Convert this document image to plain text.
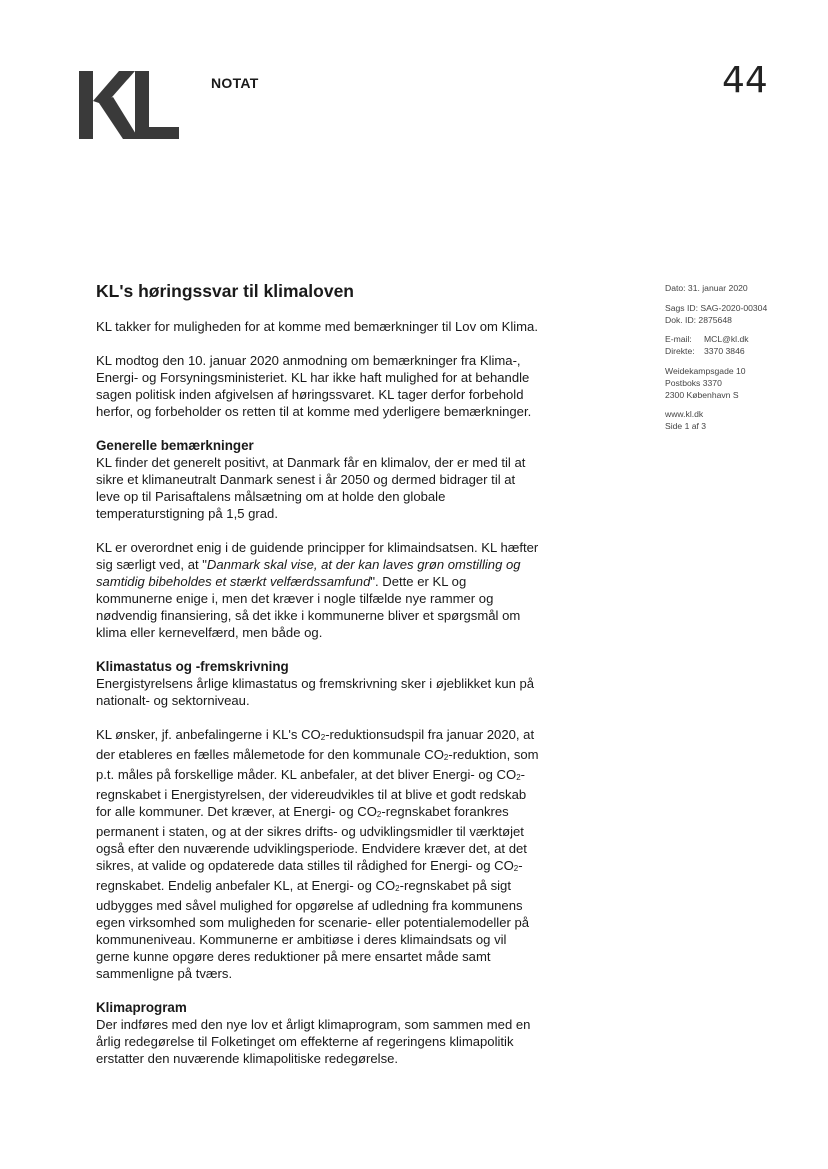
NOTAT	44
KL's høringssvar til klimaloven	Dato: 31. januar 2020
Sags ID: SAG-2020-00304
Dok. ID: 2875648
E-mail: MCL@kl.dk
Direkte: 3370 3846
Weidekampsgade 10
Postboks 3370
2300 København S
www.kl.dk
Side 1 af 3

KL takker for muligheden for at komme med bemærkninger til Lov om Klima.

KL modtog den 10. januar 2020 anmodning om bemærkninger fra Klima-,
Energi- og Forsyningsministeriet. KL har ikke haft mulighed for at behandle
sagen politisk inden afgivelsen af høringssvaret. KL tager derfor forbehold
herfor, og forbeholder os retten til at komme med yderligere bemærkninger.

Generelle bemærkninger

KL finder det generelt positivt, at Danmark får en klimalov, der er med til at
sikre et klimaneutralt Danmark senest i år 2050 og dermed bidrager til at
leve op til Parisaftalens målsætning om at holde den globale
temperaturstigning på 1,5 grad.

KL er overordnet enig i de guidende principper for klimaindsatsen. KL hæfter
sig særligt ved, at "Danmark skal vise, at der kan laves grøn omstilling og
samtidig bibeholdes et stærkt velfærdssamfund". Dette er KL og
kommunerne enige i, men det kræver i nogle tilfælde nye rammer og
nødvendig finansiering, så det ikke i kommunerne bliver et spørgsmål om
klima eller kernevelfærd, men både og.

Klimastatus og -fremskrivning

Energistyrelsens årlige klimastatus og fremskrivning sker i øjeblikket kun på
nationalt- og sektorniveau.

KL ønsker, jf. anbefalingerne i KL's $CO_2$-reduktionsudspil fra januar 2020, at
der etableres en fælles målemetode for den kommunale $CO_2$-reduktion, som
p.t. måles på forskellige måder. KL anbefaler, at det bliver Energi- og $CO_2-$
regnskabet i Energistyrelsen, der videreudvikles til at blive et godt redskab
for alle kommuner. Det kræver, at Energi- og $CO_2$-regnskabet forankres
permanent i staten, og at der sikres drifts- og udviklingsmidler til værktøjet
også efter den nuværende udviklingsperiode. Endvidere kræver det, at det
sikres, at valide og opdaterede data stilles til rådighed for Energi- og $CO_2-$
regnskabet. Endelig anbefaler KL, at Energi- og $CO_2$-regnskabet på sigt
udbygges med såvel mulighed for opgørelse af udledning fra kommunens
egen virksomhed som muligheden for scenarie- eller potentialemodeller på
kommuneniveau. Kommunerne er ambitiøse i deres klimaindsats og vil
gerne kunne opgøre deres reduktioner på mere ensartet måde samt
sammenligne på tværs.

Klimaprogram

Der indføres med den nye lov et årligt klimaprogram, som sammen med en
årlig redegørelse til Folketinget om effekterne af regeringens klimapolitik
erstatter den nuværende klimapolitiske redegørelse.
